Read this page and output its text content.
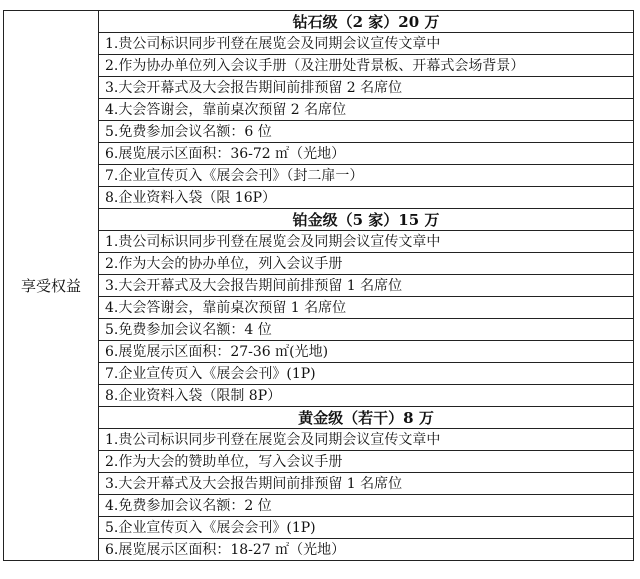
享受权益	钻石级（2 家）20 万
1.贵公司标识同步刊登在展览会及同期会议宣传文章中
2.作为协办单位列入会议手册（及注册处背景板、开幕式会场背景）
3.大会开幕式及大会报告期间前排预留 2 名席位
4.大会答谢会，靠前桌次预留 2 名席位
5.免费参加会议名额：6 位
6.展览展示区面积：36-72 ㎡（光地）
7.企业宣传页入《展会会刊》（封二扉一）
8.企业资料入袋（限 16P）
铂金级（5 家）15 万
1.贵公司标识同步刊登在展览会及同期会议宣传文章中
2.作为大会的协办单位，列入会议手册
3.大会开幕式及大会报告期间前排预留 1 名席位
4.大会答谢会，靠前桌次预留 1 名席位
5.免费参加会议名额：4 位
6.展览展示区面积：27-36 ㎡(光地)
7.企业宣传页入《展会会刊》(1P)
8.企业资料入袋（限制 8P）
黄金级（若干）8 万
1.贵公司标识同步刊登在展览会及同期会议宣传文章中
2.作为大会的赞助单位，写入会议手册
3.大会开幕式及大会报告期间前排预留 1 名席位
4.免费参加会议名额：2 位
5.企业宣传页入《展会会刊》(1P)
6.展览展示区面积：18-27 ㎡（光地）
